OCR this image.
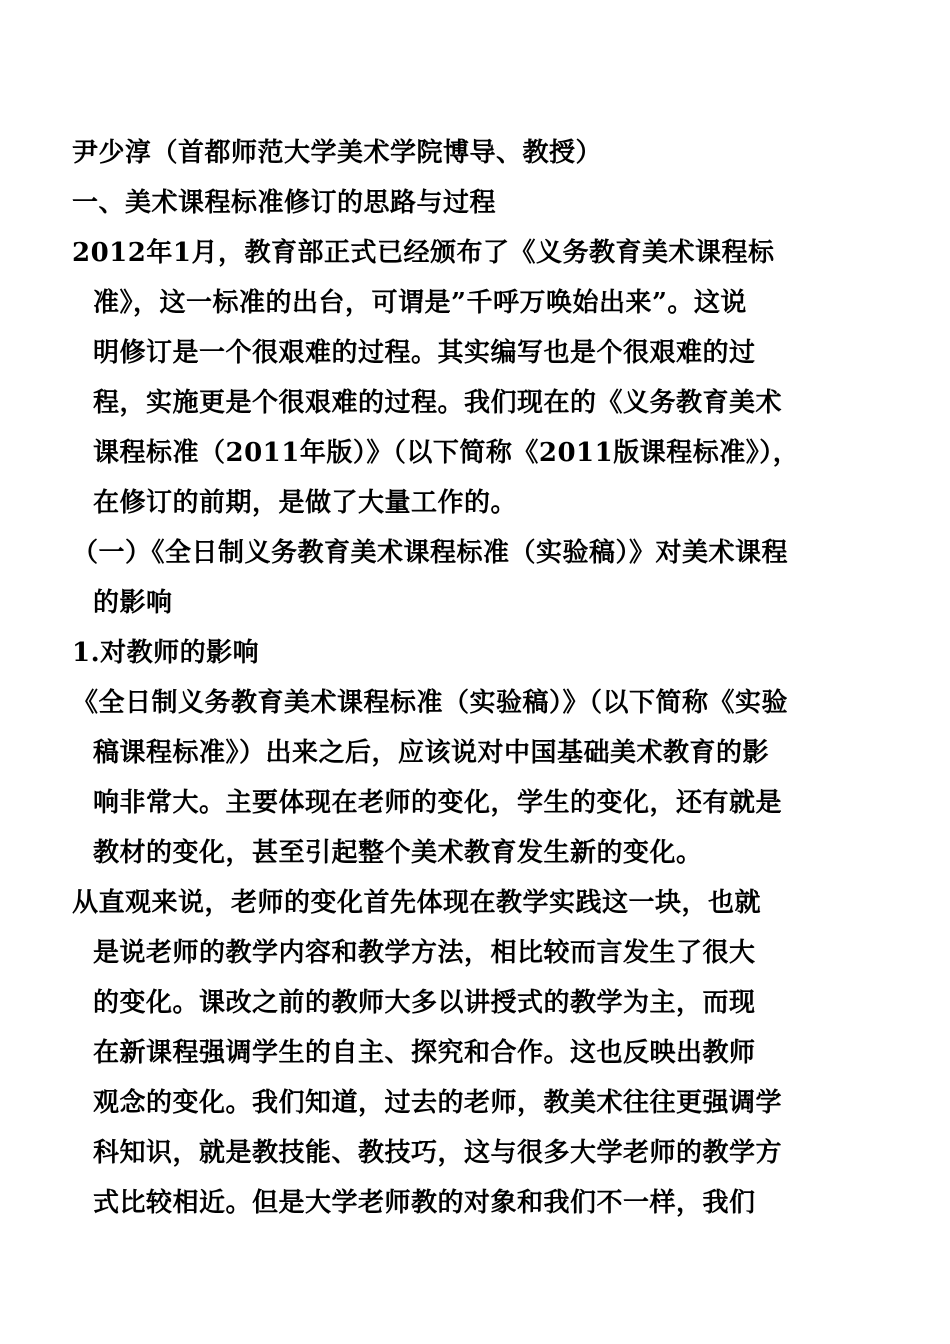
尹少淳（首都师范大学美术学院博导、教授）
一、美术课程标准修订的思路与过程
2012年1月，教育部正式已经颁布了《义务教育美术课程标
准》，这一标准的出台，可谓是”千呼万唤始出来”。这说
明修订是一个很艰难的过程。其实编写也是个很艰难的过
程，实施更是个很艰难的过程。我们现在的《义务教育美术
课程标准（2011年版）》（以下简称《2011版课程标准》），
在修订的前期，是做了大量工作的。
（一）《全日制义务教育美术课程标准（实验稿）》对美术课程
的影响
1.对教师的影响
《全日制义务教育美术课程标准（实验稿）》（以下简称《实验
稿课程标准》）出来之后，应该说对中国基础美术教育的影
响非常大。主要体现在老师的变化，学生的变化，还有就是
教材的变化，甚至引起整个美术教育发生新的变化。
从直观来说，老师的变化首先体现在教学实践这一块，也就
是说老师的教学内容和教学方法，相比较而言发生了很大
的变化。课改之前的教师大多以讲授式的教学为主，而现
在新课程强调学生的自主、探究和合作。这也反映出教师
观念的变化。我们知道，过去的老师，教美术往往更强调学
科知识，就是教技能、教技巧，这与很多大学老师的教学方
式比较相近。但是大学老师教的对象和我们不一样，我们
